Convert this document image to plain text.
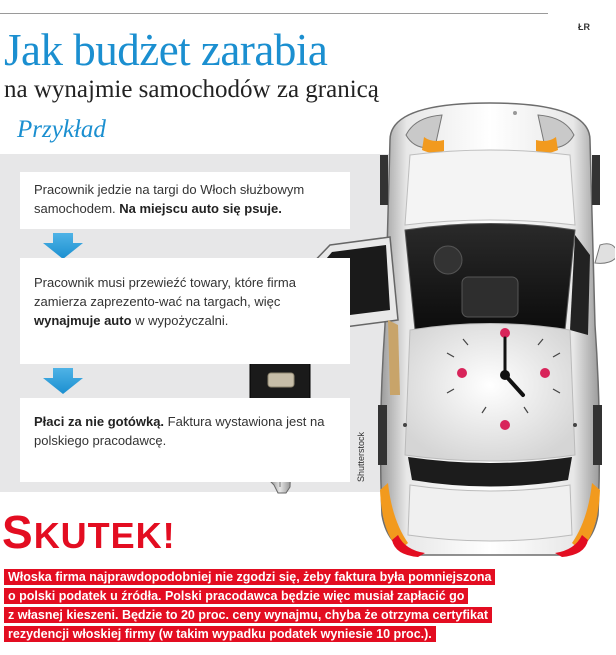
ŁR
Jak budżet zarabia
na wynajmie samochodów za granicą
Przykład
Shutterstock
Pracownik jedzie na targi do Włoch służbowym samochodem. Na miejscu auto się psuje.
Pracownik musi przewieźć towary, które firma zamierza zaprezento-wać na targach, więc wynajmuje auto w wypożyczalni.
Płaci za nie gotówką. Faktura wystawiona jest na polskiego pracodawcę.
SKUTEK!
Włoska firma najprawdopodobniej nie zgodzi się, żeby faktura była pomniejszona
o polski podatek u źródła. Polski pracodawca będzie więc musiał zapłacić go
z własnej kieszeni. Będzie to 20 proc. ceny wynajmu, chyba że otrzyma certyfikat
rezydencji włoskiej firmy (w takim wypadku podatek wyniesie 10 proc.).
